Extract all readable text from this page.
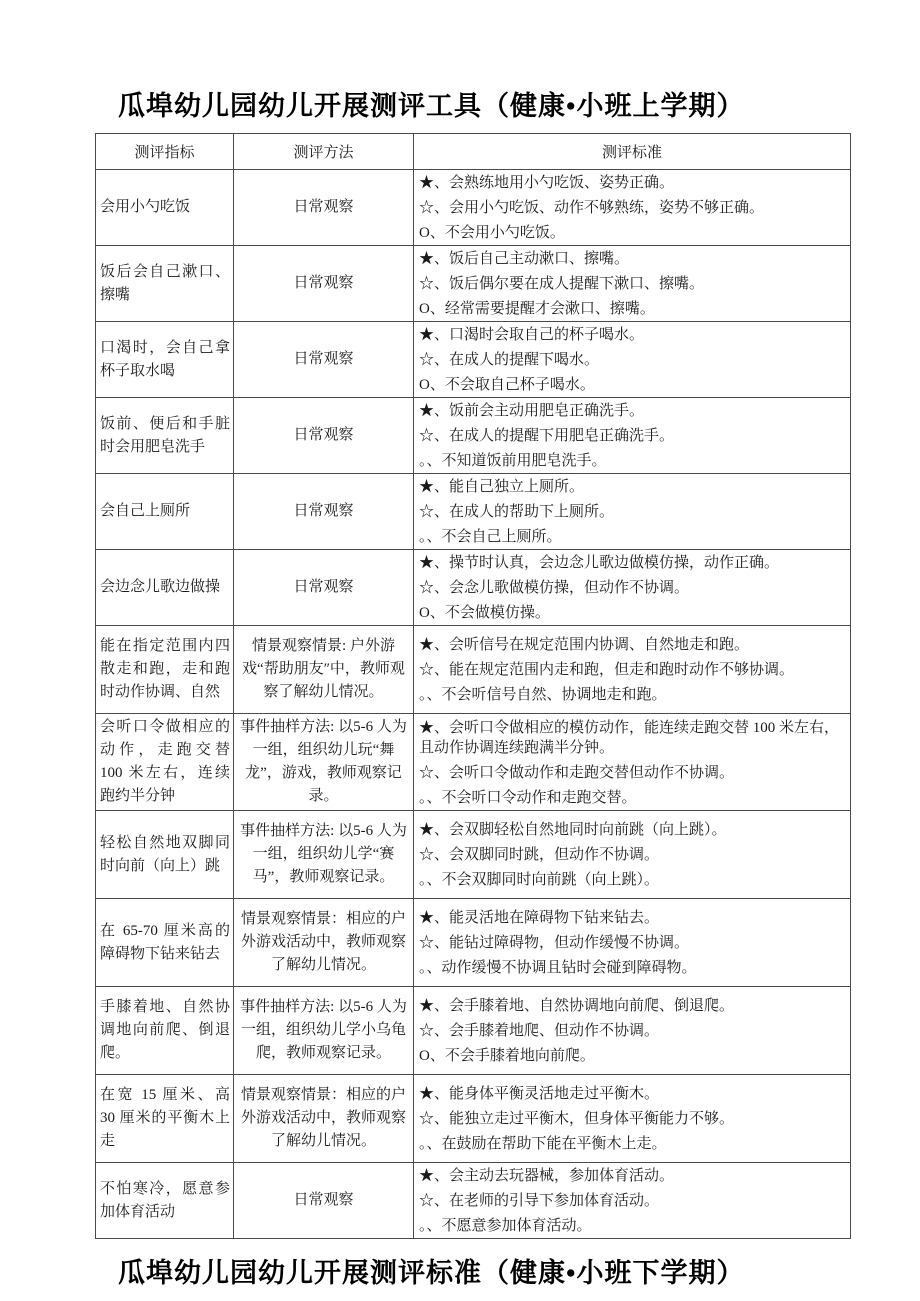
瓜埠幼儿园幼儿开展测评工具（健康•小班上学期）
测评指标	测评方法	测评标准
会用小勺吃饭	日常观察	★、会熟练地用小勺吃饭、姿势正确。
☆、会用小勺吃饭、动作不够熟练，姿势不够正确。
O、不会用小勺吃饭。

饭后会自己漱口、擦嘴	日常观察	★、饭后自己主动漱口、擦嘴。
☆、饭后偶尔要在成人提醒下漱口、擦嘴。
O、经常需要提醒才会漱口、擦嘴。

口渴时，会自己拿杯子取水喝	日常观察	★、口渴时会取自己的杯子喝水。
☆、在成人的提醒下喝水。
O、不会取自己杯子喝水。

饭前、便后和手脏时会用肥皂洗手	日常观察	★、饭前会主动用肥皂正确洗手。
☆、在成人的提醒下用肥皂正确洗手。
。、不知道饭前用肥皂洗手。

会自己上厕所	日常观察	★、能自己独立上厕所。
☆、在成人的帮助下上厕所。
。、不会自己上厕所。

会边念儿歌边做操	日常观察	★、操节时认真，会边念儿歌边做模仿操，动作正确。
☆、会念儿歌做模仿操，但动作不协调。
O、不会做模仿操。

能在指定范围内四散走和跑，走和跑时动作协调、自然	情景观察情景: 户外游戏“帮助朋友″中，教师观察了解幼儿情况。	★、会听信号在规定范围内协调、自然地走和跑。
☆、能在规定范围内走和跑，但走和跑时动作不够协调。
。、不会听信号自然、协调地走和跑。

会听口令做相应的动作，走跑交替 100 米左右，连续跑约半分钟	事件抽样方法: 以5-6 人为一组，组织幼儿玩“舞龙”，游戏，教师观察记录。	★、会听口令做相应的模仿动作，能连续走跑交替 100 米左右，且动作协调连续跑满半分钟。
☆、会听口令做动作和走跑交替但动作不协调。
。、不会听口令动作和走跑交替。

轻松自然地双脚同时向前（向上）跳	事件抽样方法: 以5-6 人为一组，组织幼儿学“赛马”，教师观察记录。	★、会双脚轻松自然地同时向前跳（向上跳）。
☆、会双脚同时跳，但动作不协调。
。、不会双脚同时向前跳（向上跳）。

在 65-70 厘米高的障碍物下钻来钻去	情景观察情景：相应的户外游戏活动中，教师观察了解幼儿情况。	★、能灵活地在障碍物下钻来钻去。
☆、能钻过障碍物，但动作缓慢不协调。
。、动作缓慢不协调且钻时会碰到障碍物。

手膝着地、自然协调地向前爬、倒退爬。	事件抽样方法: 以5-6 人为一组，组织幼儿学小乌龟爬，教师观察记录。	★、会手膝着地、自然协调地向前爬、倒退爬。
☆、会手膝着地爬、但动作不协调。
O、不会手膝着地向前爬。

在宽 15 厘米、高 30 厘米的平衡木上走	情景观察情景：相应的户外游戏活动中，教师观察了解幼儿情况。	★、能身体平衡灵活地走过平衡木。
☆、能独立走过平衡木，但身体平衡能力不够。
。、在鼓励在帮助下能在平衡木上走。

不怕寒冷，愿意参加体育活动	日常观察	★、会主动去玩器械，参加体育活动。
☆、在老师的引导下参加体育活动。
。、不愿意参加体育活动。
瓜埠幼儿园幼儿开展测评标准（健康•小班下学期）
